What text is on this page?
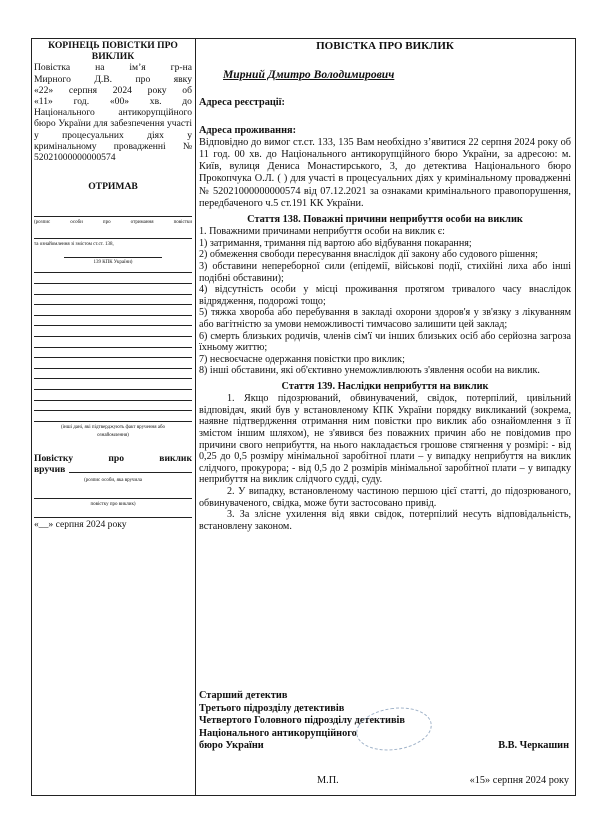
КОРІНЕЦЬ ПОВІСТКИ ПРО
ВИКЛИК
Повістка	на	ім’я	гр-на
Мирного Д.В. про явку
«22» серпня 2024 року об
«11» год. «00» хв. до
Національного антикорупційного бюро України для забезпечення участі у процесуальних діях у кримінальному провадженні № 52021000000000574
ОТРИМАВ
(розпис	особи	про	отримання	повістки
та ознайомлення зі змістом ст.ст. 138,
139 КПК України)
(інші дані, які підтверджують факт вручення або
ознайомлення)
Повістку	про	виклик
вручив
(розпис особи, яка вручила
повістку про виклик)
«__» серпня 2024 року
ПОВІСТКА ПРО ВИКЛИК
Мирний Дмитро Володимирович
Адреса реєстрації:
Адреса проживання:

Відповідно до вимог ст.ст. 133, 135 Вам необхідно з’явитися 22 серпня 2024 року об 11 год. 00 хв. до Національного антикорупційного бюро України, за адресою: м. Київ, вулиця Дениса Монастирського, 3, до детектива Національного бюро Прокопчука О.Л. ( ) для участі в процесуальних діях у кримінальному провадженні № 52021000000000574 від 07.12.2021 за ознаками кримінального правопорушення, передбаченого ч.5 ст.191 КК України.

Стаття 138. Поважні причини неприбуття особи на виклик

1. Поважними причинами неприбуття особи на виклик є:

1) затримання, тримання під вартою або відбування покарання;

2) обмеження свободи пересування внаслідок дії закону або судового рішення;

3) обставини непереборної сили (епідемії, військові події, стихійні лиха або інші подібні обставини);

4) відсутність особи у місці проживання протягом тривалого часу внаслідок відрядження, подорожі тощо;

5) тяжка хвороба або перебування в закладі охорони здоров'я у зв'язку з лікуванням або вагітністю за умови неможливості тимчасово залишити цей заклад;

6) смерть близьких родичів, членів сім'ї чи інших близьких осіб або серйозна загроза їхньому життю;

7) несвоєчасне одержання повістки про виклик;

8) інші обставини, які об'єктивно унеможливлюють з'явлення особи на виклик.

Стаття 139. Наслідки неприбуття на виклик

1. Якщо підозрюваний, обвинувачений, свідок, потерпілий, цивільний відповідач, який був у встановленому КПК України порядку викликаний (зокрема, наявне підтвердження отримання ним повістки про виклик або ознайомлення з її змістом іншим шляхом), не з'явився без поважних причин або не повідомив про причини свого неприбуття, на нього накладається грошове стягнення у розмірі: - від 0,25 до 0,5 розміру мінімальної заробітної плати – у випадку неприбуття на виклик слідчого, прокурора; - від 0,5 до 2 розмірів мінімальної заробітної плати – у випадку неприбуття на виклик слідчого судді, суду.

2. У випадку, встановленому частиною першою цієї статті, до підозрюваного, обвинуваченого, свідка, може бути застосовано привід.

3. За злісне ухилення від явки свідок, потерпілий несуть відповідальність, встановлену законом.

Старший детектив
Третього підрозділу детективів
Четвертого Головного підрозділу детективів
Національного антикорупційного
бюро України	В.В. Черкашин
М.П.	«15» серпня 2024 року
